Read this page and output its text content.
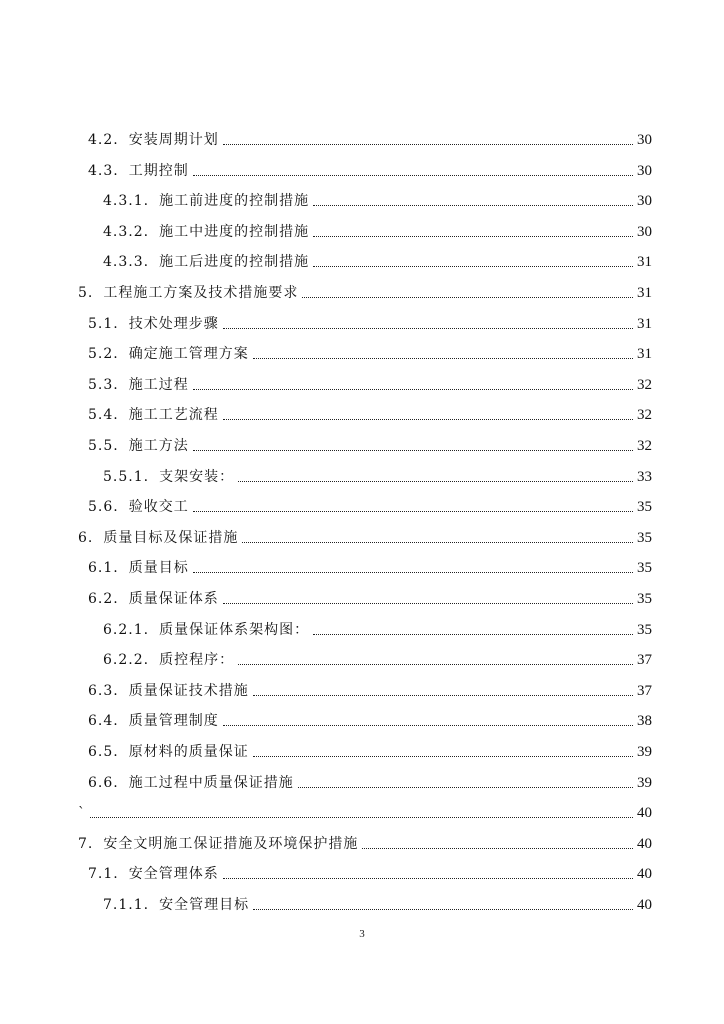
4.2. 安装周期计划	30
4.3. 工期控制	30
4.3.1. 施工前进度的控制措施	30
4.3.2. 施工中进度的控制措施	30
4.3.3. 施工后进度的控制措施	31
5. 工程施工方案及技术措施要求	31
5.1. 技术处理步骤	31
5.2. 确定施工管理方案	31
5.3. 施工过程	32
5.4. 施工工艺流程	32
5.5. 施工方法	32
5.5.1. 支架安装：	33
5.6. 验收交工	35
6. 质量目标及保证措施	35
6.1. 质量目标	35
6.2. 质量保证体系	35
6.2.1. 质量保证体系架构图：	35
6.2.2. 质控程序：	37
6.3. 质量保证技术措施	37
6.4. 质量管理制度	38
6.5. 原材料的质量保证	39
6.6. 施工过程中质量保证措施	39
`	40
7. 安全文明施工保证措施及环境保护措施	40
7.1. 安全管理体系	40
7.1.1. 安全管理目标	40
3
